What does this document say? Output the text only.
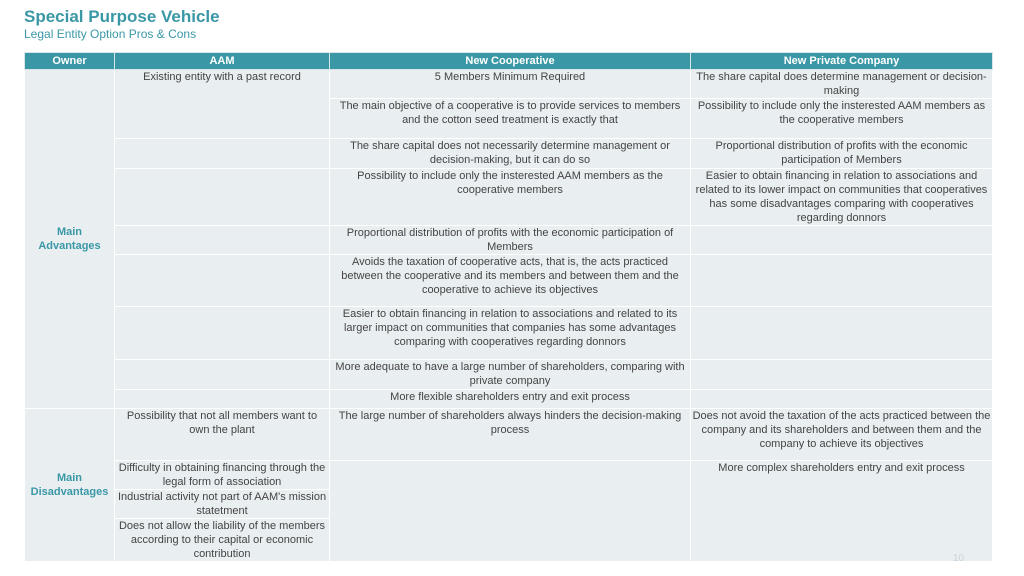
Special Purpose Vehicle
Legal Entity Option Pros & Cons
Owner	AAM	New Cooperative	New Private Company
Main Advantages	Existing entity with a past record	5 Members Minimum Required	The share capital does determine management or decision-making
		The main objective of a cooperative is to provide services to members and the cotton seed treatment is exactly that	Possibility to include only the insterested AAM members as the cooperative members
		The share capital does not necessarily determine management or decision-making, but it can do so	Proportional distribution of profits with the economic participation of Members
		Possibility to include only the insterested AAM members as the cooperative members	Easier to obtain financing in relation to associations and related to its lower impact on communities that cooperatives has some disadvantages comparing with cooperatives regarding donnors
		Proportional distribution of profits with the economic participation of Members	
		Avoids the taxation of cooperative acts, that is, the acts practiced between the cooperative and its members and between them and the cooperative to achieve its objectives	
		Easier to obtain financing in relation to associations and related to its larger impact on communities that companies has some advantages comparing with cooperatives regarding donnors	
		More adequate to have a large number of shareholders, comparing with private company	
		More flexible shareholders entry and exit process	
Main Disadvantages	Possibility that not all members want to own the plant	The large number of shareholders always hinders the decision-making process	Does not avoid the taxation of the acts practiced between the company and its shareholders and between them and the company to achieve its objectives
	Difficulty in obtaining financing through the legal form of association		More complex shareholders entry and exit process
	Industrial activity not part of AAM's mission statetment		
	Does not allow the liability of the members according to their capital or economic contribution			10
